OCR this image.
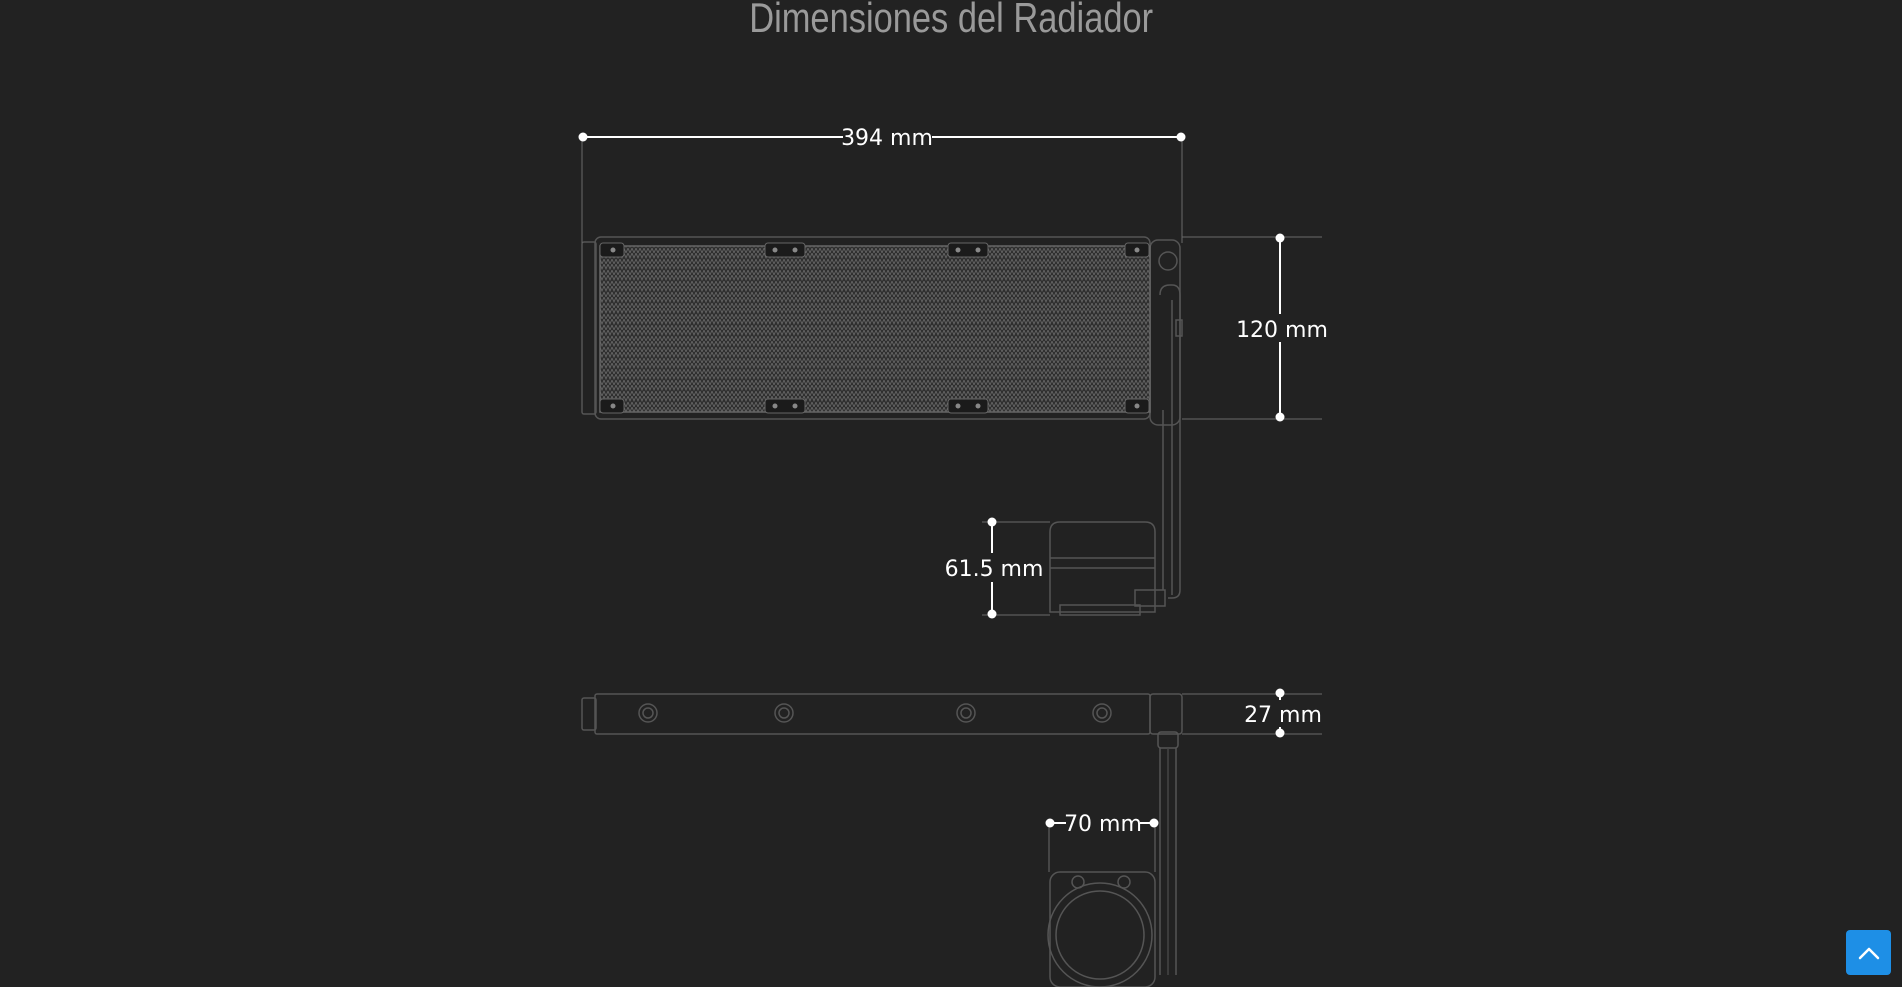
Dimensiones del Radiador
394 mm
120 mm
61.5 mm
27 mm
70 mm
